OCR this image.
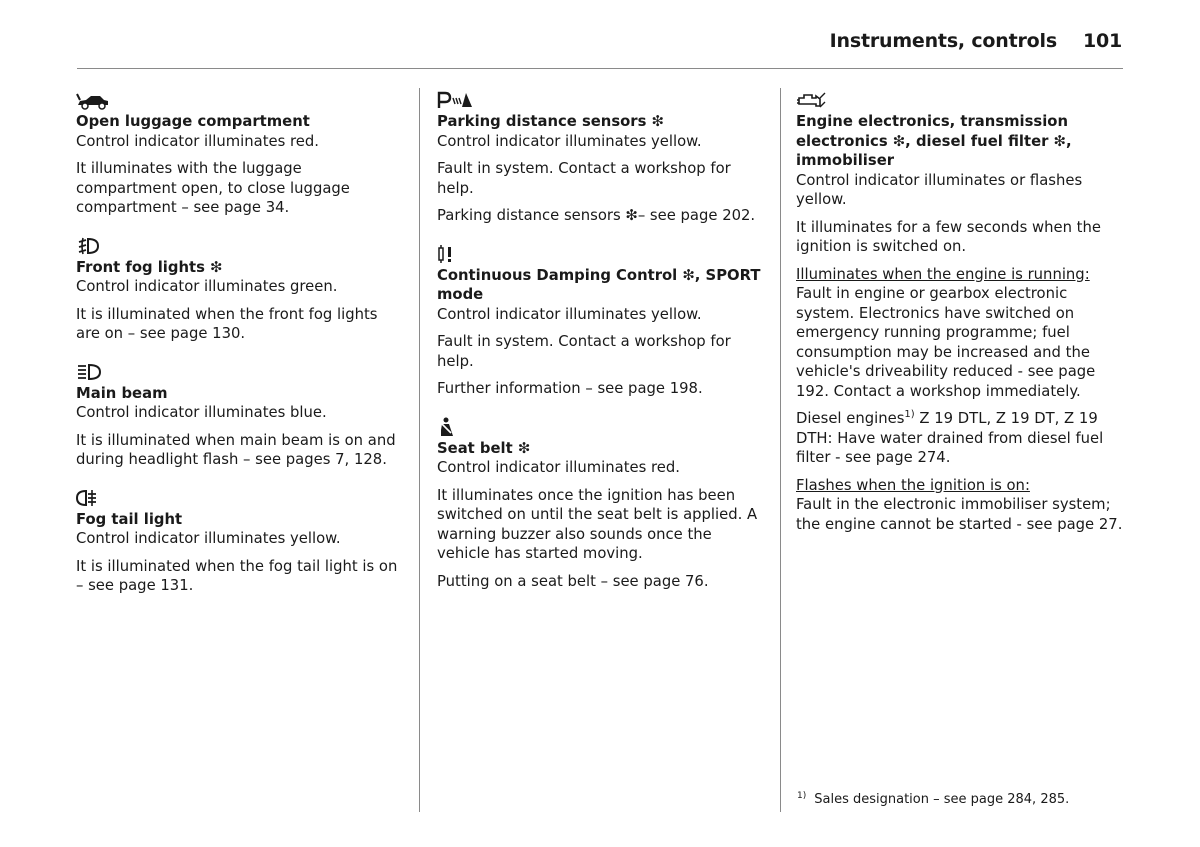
Instruments, controls 101
Open luggage compartment
Control indicator illuminates red.
It illuminates with the luggage compartment open, to close luggage compartment – see page 34.
Front fog lights ❇
Control indicator illuminates green.
It is illuminated when the front fog lights are on – see page 130.
Main beam
Control indicator illuminates blue.
It is illuminated when main beam is on and during headlight flash – see pages 7, 128.
Fog tail light
Control indicator illuminates yellow.
It is illuminated when the fog tail light is on – see page 131.
Parking distance sensors ❇
Control indicator illuminates yellow.
Fault in system. Contact a workshop for help.
Parking distance sensors ❇– see page 202.
Continuous Damping Control ❇, SPORT mode
Control indicator illuminates yellow.
Fault in system. Contact a workshop for help.
Further information – see page 198.
Seat belt ❇
Control indicator illuminates red.
It illuminates once the ignition has been switched on until the seat belt is applied. A warning buzzer also sounds once the vehicle has started moving.
Putting on a seat belt – see page 76.
Engine electronics, transmission electronics ❇, diesel fuel filter ❇, immobiliser
Control indicator illuminates or flashes yellow.
It illuminates for a few seconds when the ignition is switched on.
Illuminates when the engine is running:
Fault in engine or gearbox electronic system. Electronics have switched on emergency running programme; fuel consumption may be increased and the vehicle's driveability reduced - see page 192. Contact a workshop immediately.
Diesel engines$^{1)}$ Z 19 DTL, Z 19 DT, Z 19 DTH: Have water drained from diesel fuel filter - see page 274.
Flashes when the ignition is on:
Fault in the electronic immobiliser system; the engine cannot be started - see page 27.
$^{1)}$ Sales designation – see page 284, 285.
